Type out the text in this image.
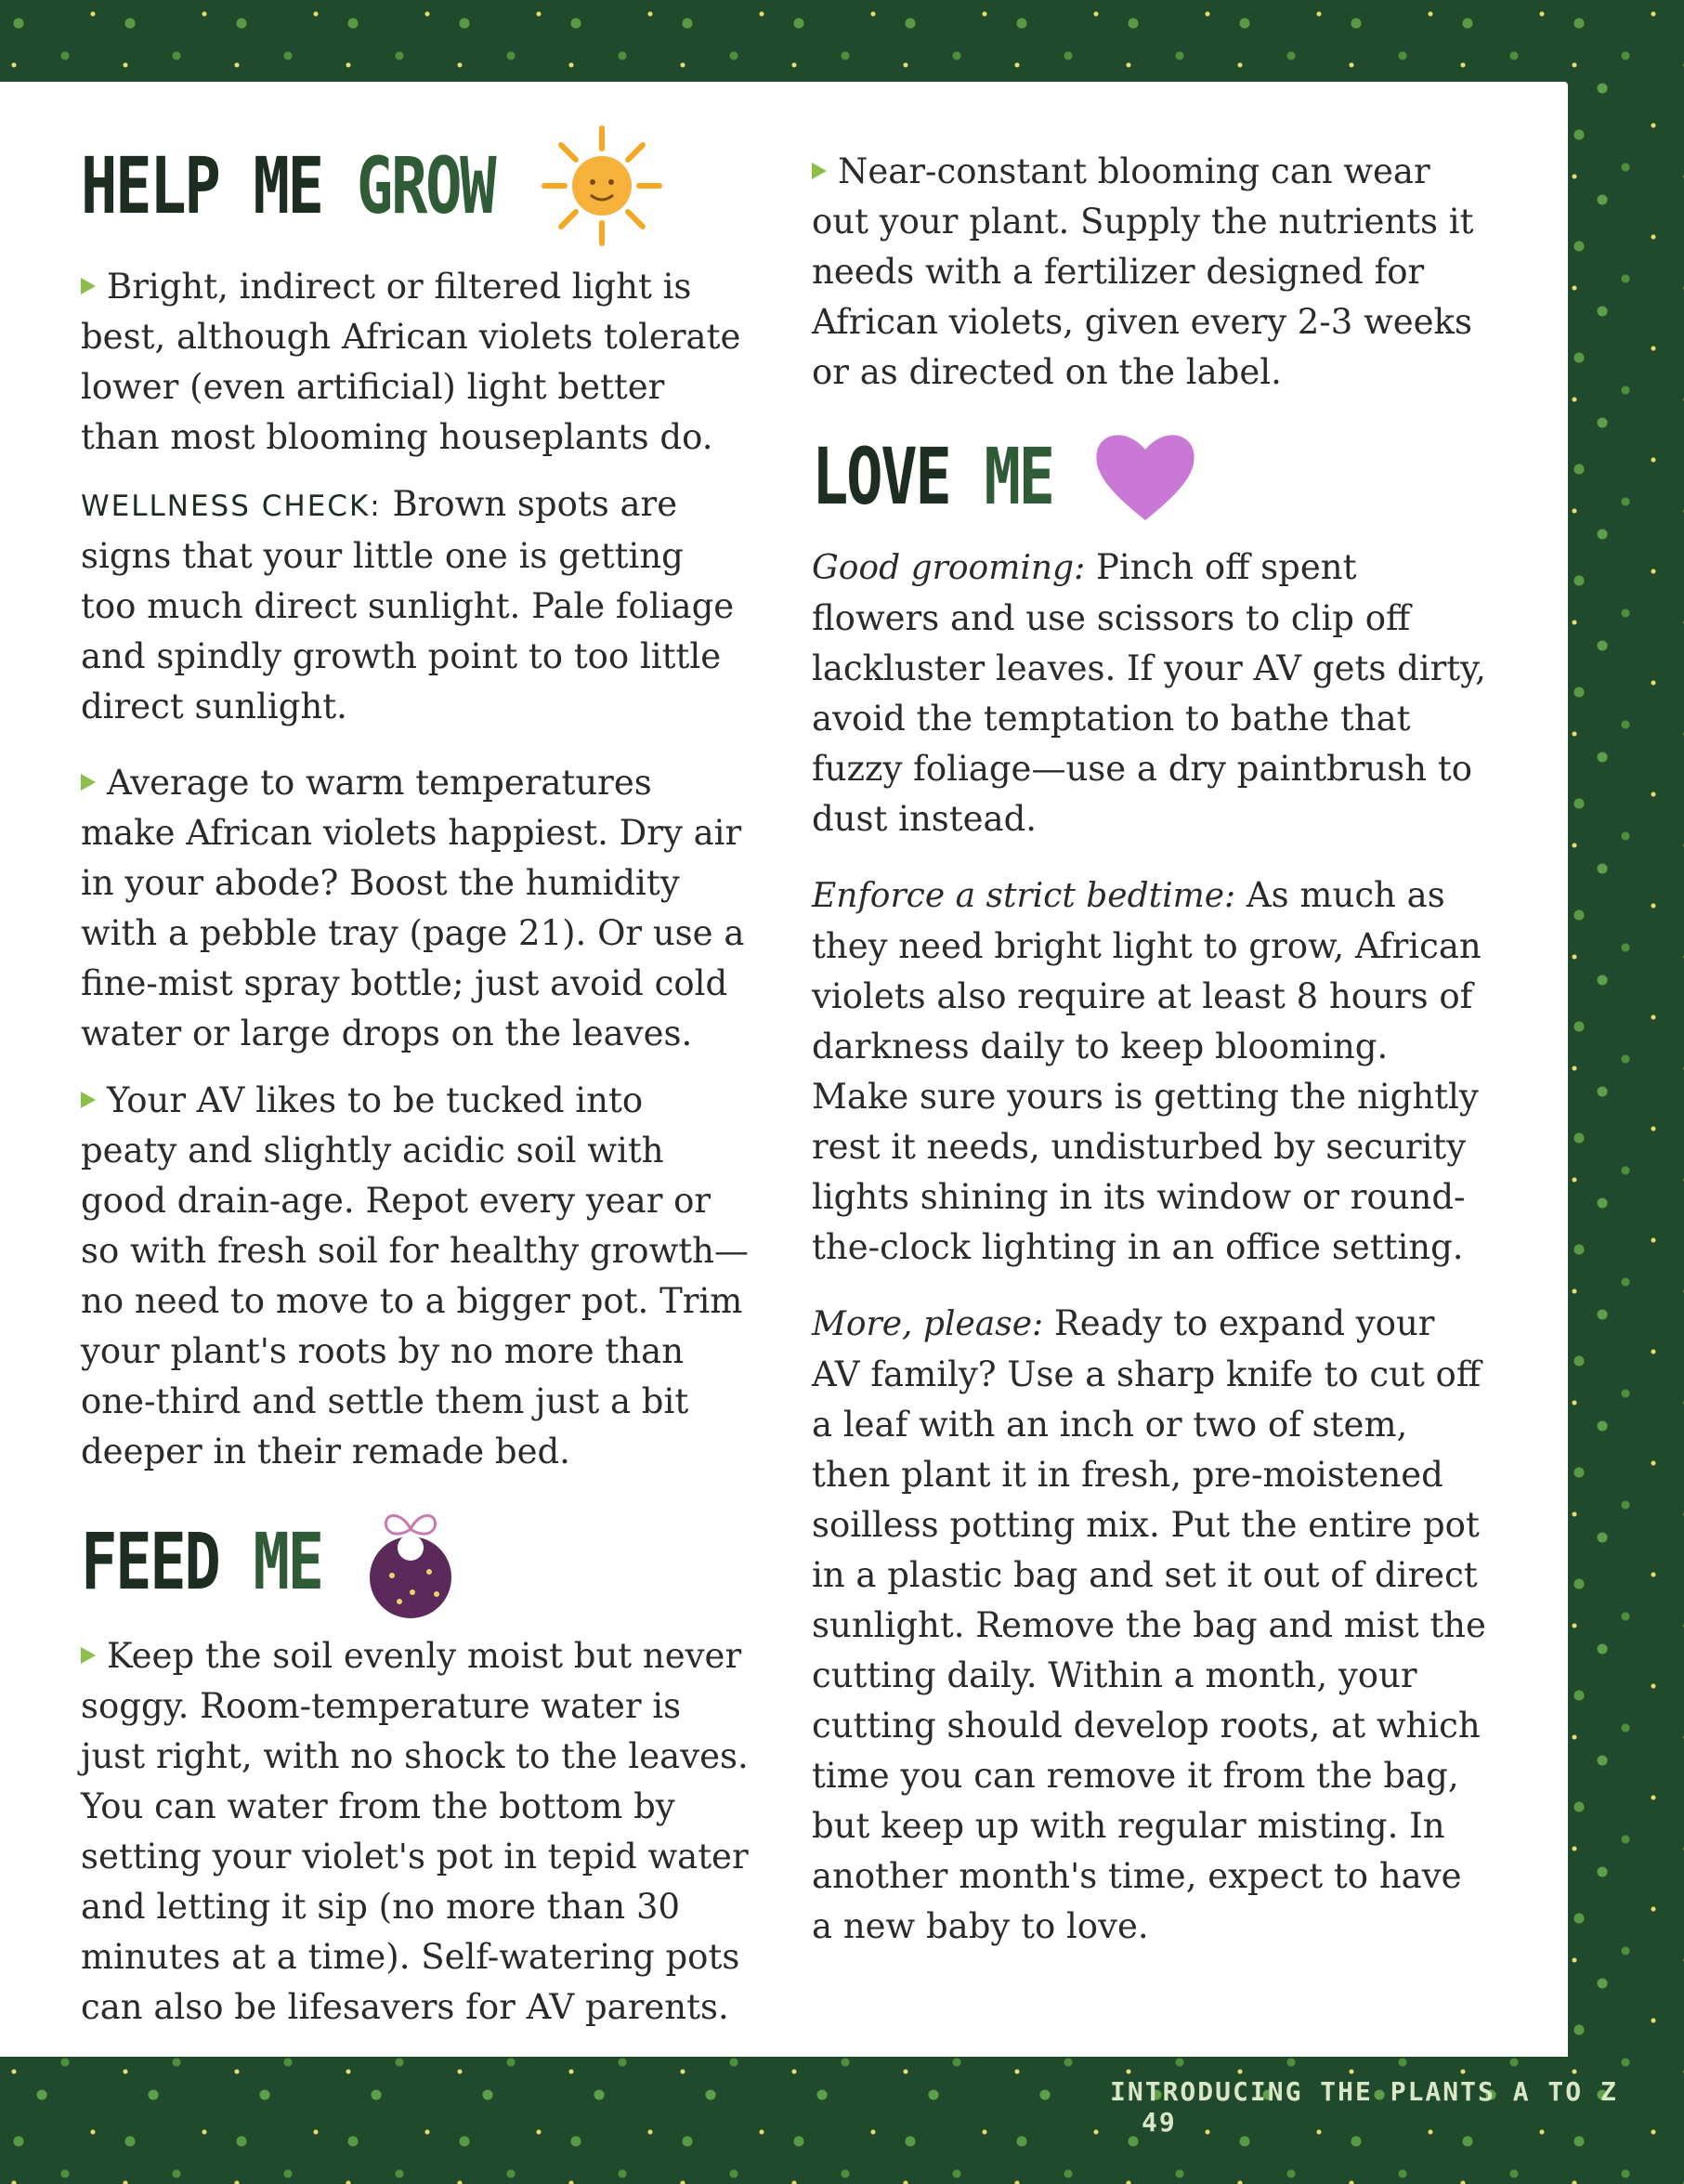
HELP ME GROW

Bright, indirect or filtered light is best, although African violets tolerate lower (even artificial) light better than most blooming houseplants do.

WELLNESS CHECK: Brown spots are signs that your little one is getting too much direct sunlight. Pale foliage and spindly growth point to too little direct sunlight.

Average to warm temperatures make African violets happiest. Dry air in your abode? Boost the humidity with a pebble tray (page 21). Or use a fine-mist spray bottle; just avoid cold water or large drops on the leaves.

Your AV likes to be tucked into peaty and slightly acidic soil with good drain-age. Repot every year or so with fresh soil for healthy growth—no need to move to a bigger pot. Trim your plant's roots by no more than one-third and settle them just a bit deeper in their remade bed.

FEED ME

Keep the soil evenly moist but never soggy. Room-temperature water is just right, with no shock to the leaves. You can water from the bottom by setting your violet's pot in tepid water and letting it sip (no more than 30 minutes at a time). Self-watering pots can also be lifesavers for AV parents.

Near-constant blooming can wear out your plant. Supply the nutrients it needs with a fertilizer designed for African violets, given every 2-3 weeks or as directed on the label.

LOVE ME

Good grooming: Pinch off spent flowers and use scissors to clip off lackluster leaves. If your AV gets dirty, avoid the temptation to bathe that fuzzy foliage—use a dry paintbrush to dust instead.

Enforce a strict bedtime: As much as they need bright light to grow, African violets also require at least 8 hours of darkness daily to keep blooming. Make sure yours is getting the nightly rest it needs, undisturbed by security lights shining in its window or round-the-clock lighting in an office setting.

More, please: Ready to expand your AV family? Use a sharp knife to cut off a leaf with an inch or two of stem, then plant it in fresh, pre-moistened soilless potting mix. Put the entire pot in a plastic bag and set it out of direct sunlight. Remove the bag and mist the cutting daily. Within a month, your cutting should develop roots, at which time you can remove it from the bag, but keep up with regular misting. In another month's time, expect to have a new baby to love.

INTRODUCING THE PLANTS A TO Z 49
